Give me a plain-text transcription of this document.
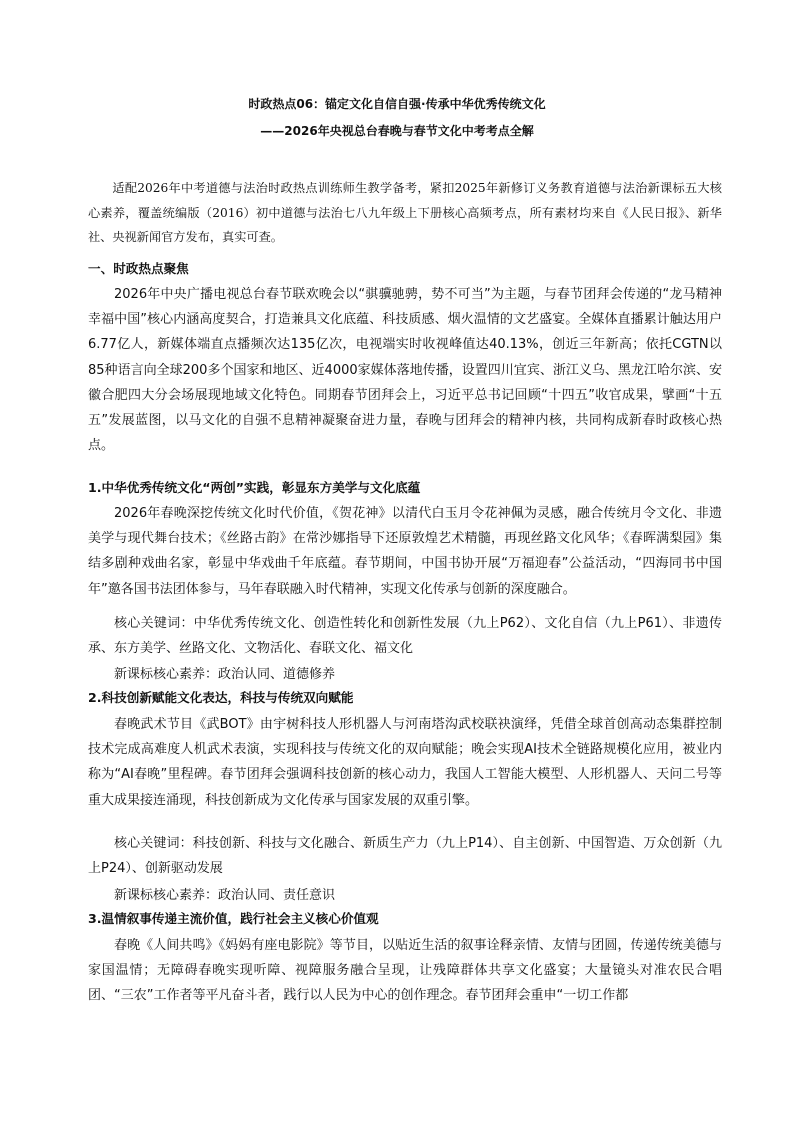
时政热点06：锚定文化自信自强·传承中华优秀传统文化
——2026年央视总台春晚与春节文化中考考点全解

适配2026年中考道德与法治时政热点训练师生教学备考，紧扣2025年新修订义务教育道德与法治新课标五大核心素养，覆盖统编版（2016）初中道德与法治七八九年级上下册核心高频考点，所有素材均来自《人民日报》、新华社、央视新闻官方发布，真实可查。

一、时政热点聚焦

2026年中央广播电视总台春节联欢晚会以“骐骥驰骋，势不可当”为主题，与春节团拜会传递的“龙马精神 幸福中国”核心内涵高度契合，打造兼具文化底蕴、科技质感、烟火温情的文艺盛宴。全媒体直播累计触达用户6.77亿人，新媒体端直点播频次达135亿次，电视端实时收视峰值达40.13%，创近三年新高；依托CGTN以85种语言向全球200多个国家和地区、近4000家媒体落地传播，设置四川宜宾、浙江义乌、黑龙江哈尔滨、安徽合肥四大分会场展现地域文化特色。同期春节团拜会上，习近平总书记回顾“十四五”收官成果，擘画“十五五”发展蓝图，以马文化的自强不息精神凝聚奋进力量，春晚与团拜会的精神内核，共同构成新春时政核心热点。

1.中华优秀传统文化“两创”实践，彰显东方美学与文化底蕴

2026年春晚深挖传统文化时代价值，《贺花神》以清代白玉月令花神佩为灵感，融合传统月令文化、非遗美学与现代舞台技术；《丝路古韵》在常沙娜指导下还原敦煌艺术精髓，再现丝路文化风华；《春晖满梨园》集结多剧种戏曲名家，彰显中华戏曲千年底蕴。春节期间，中国书协开展“万福迎春”公益活动，“四海同书中国年”邀各国书法团体参与，马年春联融入时代精神，实现文化传承与创新的深度融合。

核心关键词：中华优秀传统文化、创造性转化和创新性发展（九上P62）、文化自信（九上P61）、非遗传承、东方美学、丝路文化、文物活化、春联文化、福文化

新课标核心素养：政治认同、道德修养

2.科技创新赋能文化表达，科技与传统双向赋能

春晚武术节目《武BOT》由宇树科技人形机器人与河南塔沟武校联袂演绎，凭借全球首创高动态集群控制技术完成高难度人机武术表演，实现科技与传统文化的双向赋能；晚会实现AI技术全链路规模化应用，被业内称为“AI春晚”里程碑。春节团拜会强调科技创新的核心动力，我国人工智能大模型、人形机器人、天问二号等重大成果接连涌现，科技创新成为文化传承与国家发展的双重引擎。

核心关键词：科技创新、科技与文化融合、新质生产力（九上P14）、自主创新、中国智造、万众创新（九上P24）、创新驱动发展

新课标核心素养：政治认同、责任意识

3.温情叙事传递主流价值，践行社会主义核心价值观

春晚《人间共鸣》《妈妈有座电影院》等节目，以贴近生活的叙事诠释亲情、友情与团圆，传递传统美德与家国温情；无障碍春晚实现听障、视障服务融合呈现，让残障群体共享文化盛宴；大量镜头对准农民合唱团、“三农”工作者等平凡奋斗者，践行以人民为中心的创作理念。春节团拜会重申“一切工作都
